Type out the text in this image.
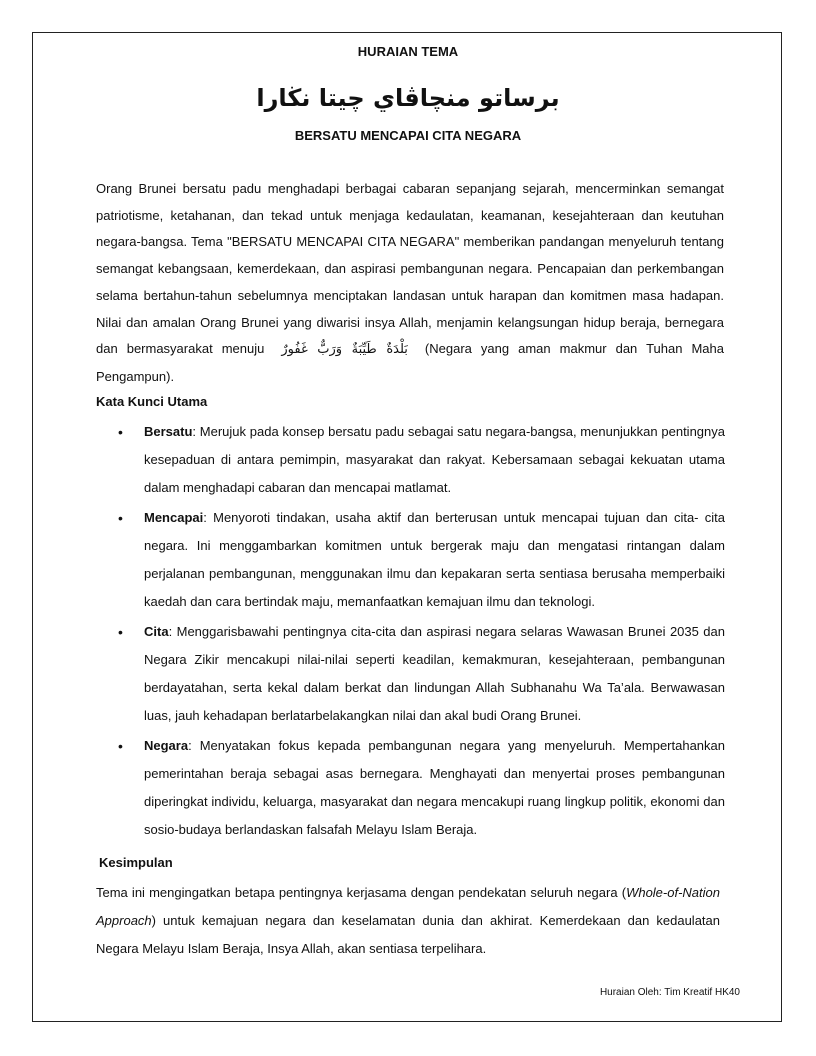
HURAIAN TEMA
برساتو منچاڤاي چيتا نڬارا
BERSATU MENCAPAI CITA NEGARA

Orang Brunei bersatu padu menghadapi berbagai cabaran sepanjang sejarah, mencerminkan semangat patriotisme, ketahanan, dan tekad untuk menjaga kedaulatan, keamanan, kesejahteraan dan keutuhan negara-bangsa. Tema "BERSATU MENCAPAI CITA NEGARA" memberikan pandangan menyeluruh tentang semangat kebangsaan, kemerdekaan, dan aspirasi pembangunan negara. Pencapaian dan perkembangan selama bertahun-tahun sebelumnya menciptakan landasan untuk harapan dan komitmen masa hadapan. Nilai dan amalan Orang Brunei yang diwarisi insya Allah, menjamin kelangsungan hidup beraja, bernegara dan bermasyarakat menuju بَلْدَةٌ طَيِّبَةٌ وَرَبٌّ غَفُورٌ (Negara yang aman makmur dan Tuhan Maha Pengampun).

Kata Kunci Utama
• Bersatu: Merujuk pada konsep bersatu padu sebagai satu negara-bangsa, menunjukkan pentingnya kesepaduan di antara pemimpin, masyarakat dan rakyat. Kebersamaan sebagai kekuatan utama dalam menghadapi cabaran dan mencapai matlamat.
• Mencapai: Menyoroti tindakan, usaha aktif dan berterusan untuk mencapai tujuan dan cita- cita negara. Ini menggambarkan komitmen untuk bergerak maju dan mengatasi rintangan dalam perjalanan pembangunan, menggunakan ilmu dan kepakaran serta sentiasa berusaha memperbaiki kaedah dan cara bertindak maju, memanfaatkan kemajuan ilmu dan teknologi.
• Cita: Menggarisbawahi pentingnya cita-cita dan aspirasi negara selaras Wawasan Brunei 2035 dan Negara Zikir mencakupi nilai-nilai seperti keadilan, kemakmuran, kesejahteraan, pembangunan berdayatahan, serta kekal dalam berkat dan lindungan Allah Subhanahu Wa Ta’ala. Berwawasan luas, jauh kehadapan berlatarbelakangkan nilai dan akal budi Orang Brunei.
• Negara: Menyatakan fokus kepada pembangunan negara yang menyeluruh. Mempertahankan pemerintahan beraja sebagai asas bernegara. Menghayati dan menyertai proses pembangunan diperingkat individu, keluarga, masyarakat dan negara mencakupi ruang lingkup politik, ekonomi dan sosio-budaya berlandaskan falsafah Melayu Islam Beraja.
Kesimpulan

Tema ini mengingatkan betapa pentingnya kerjasama dengan pendekatan seluruh negara (Whole-of-Nation Approach) untuk kemajuan negara dan keselamatan dunia dan akhirat. Kemerdekaan dan kedaulatan Negara Melayu Islam Beraja, Insya Allah, akan sentiasa terpelihara.

Huraian Oleh: Tim Kreatif HK40
